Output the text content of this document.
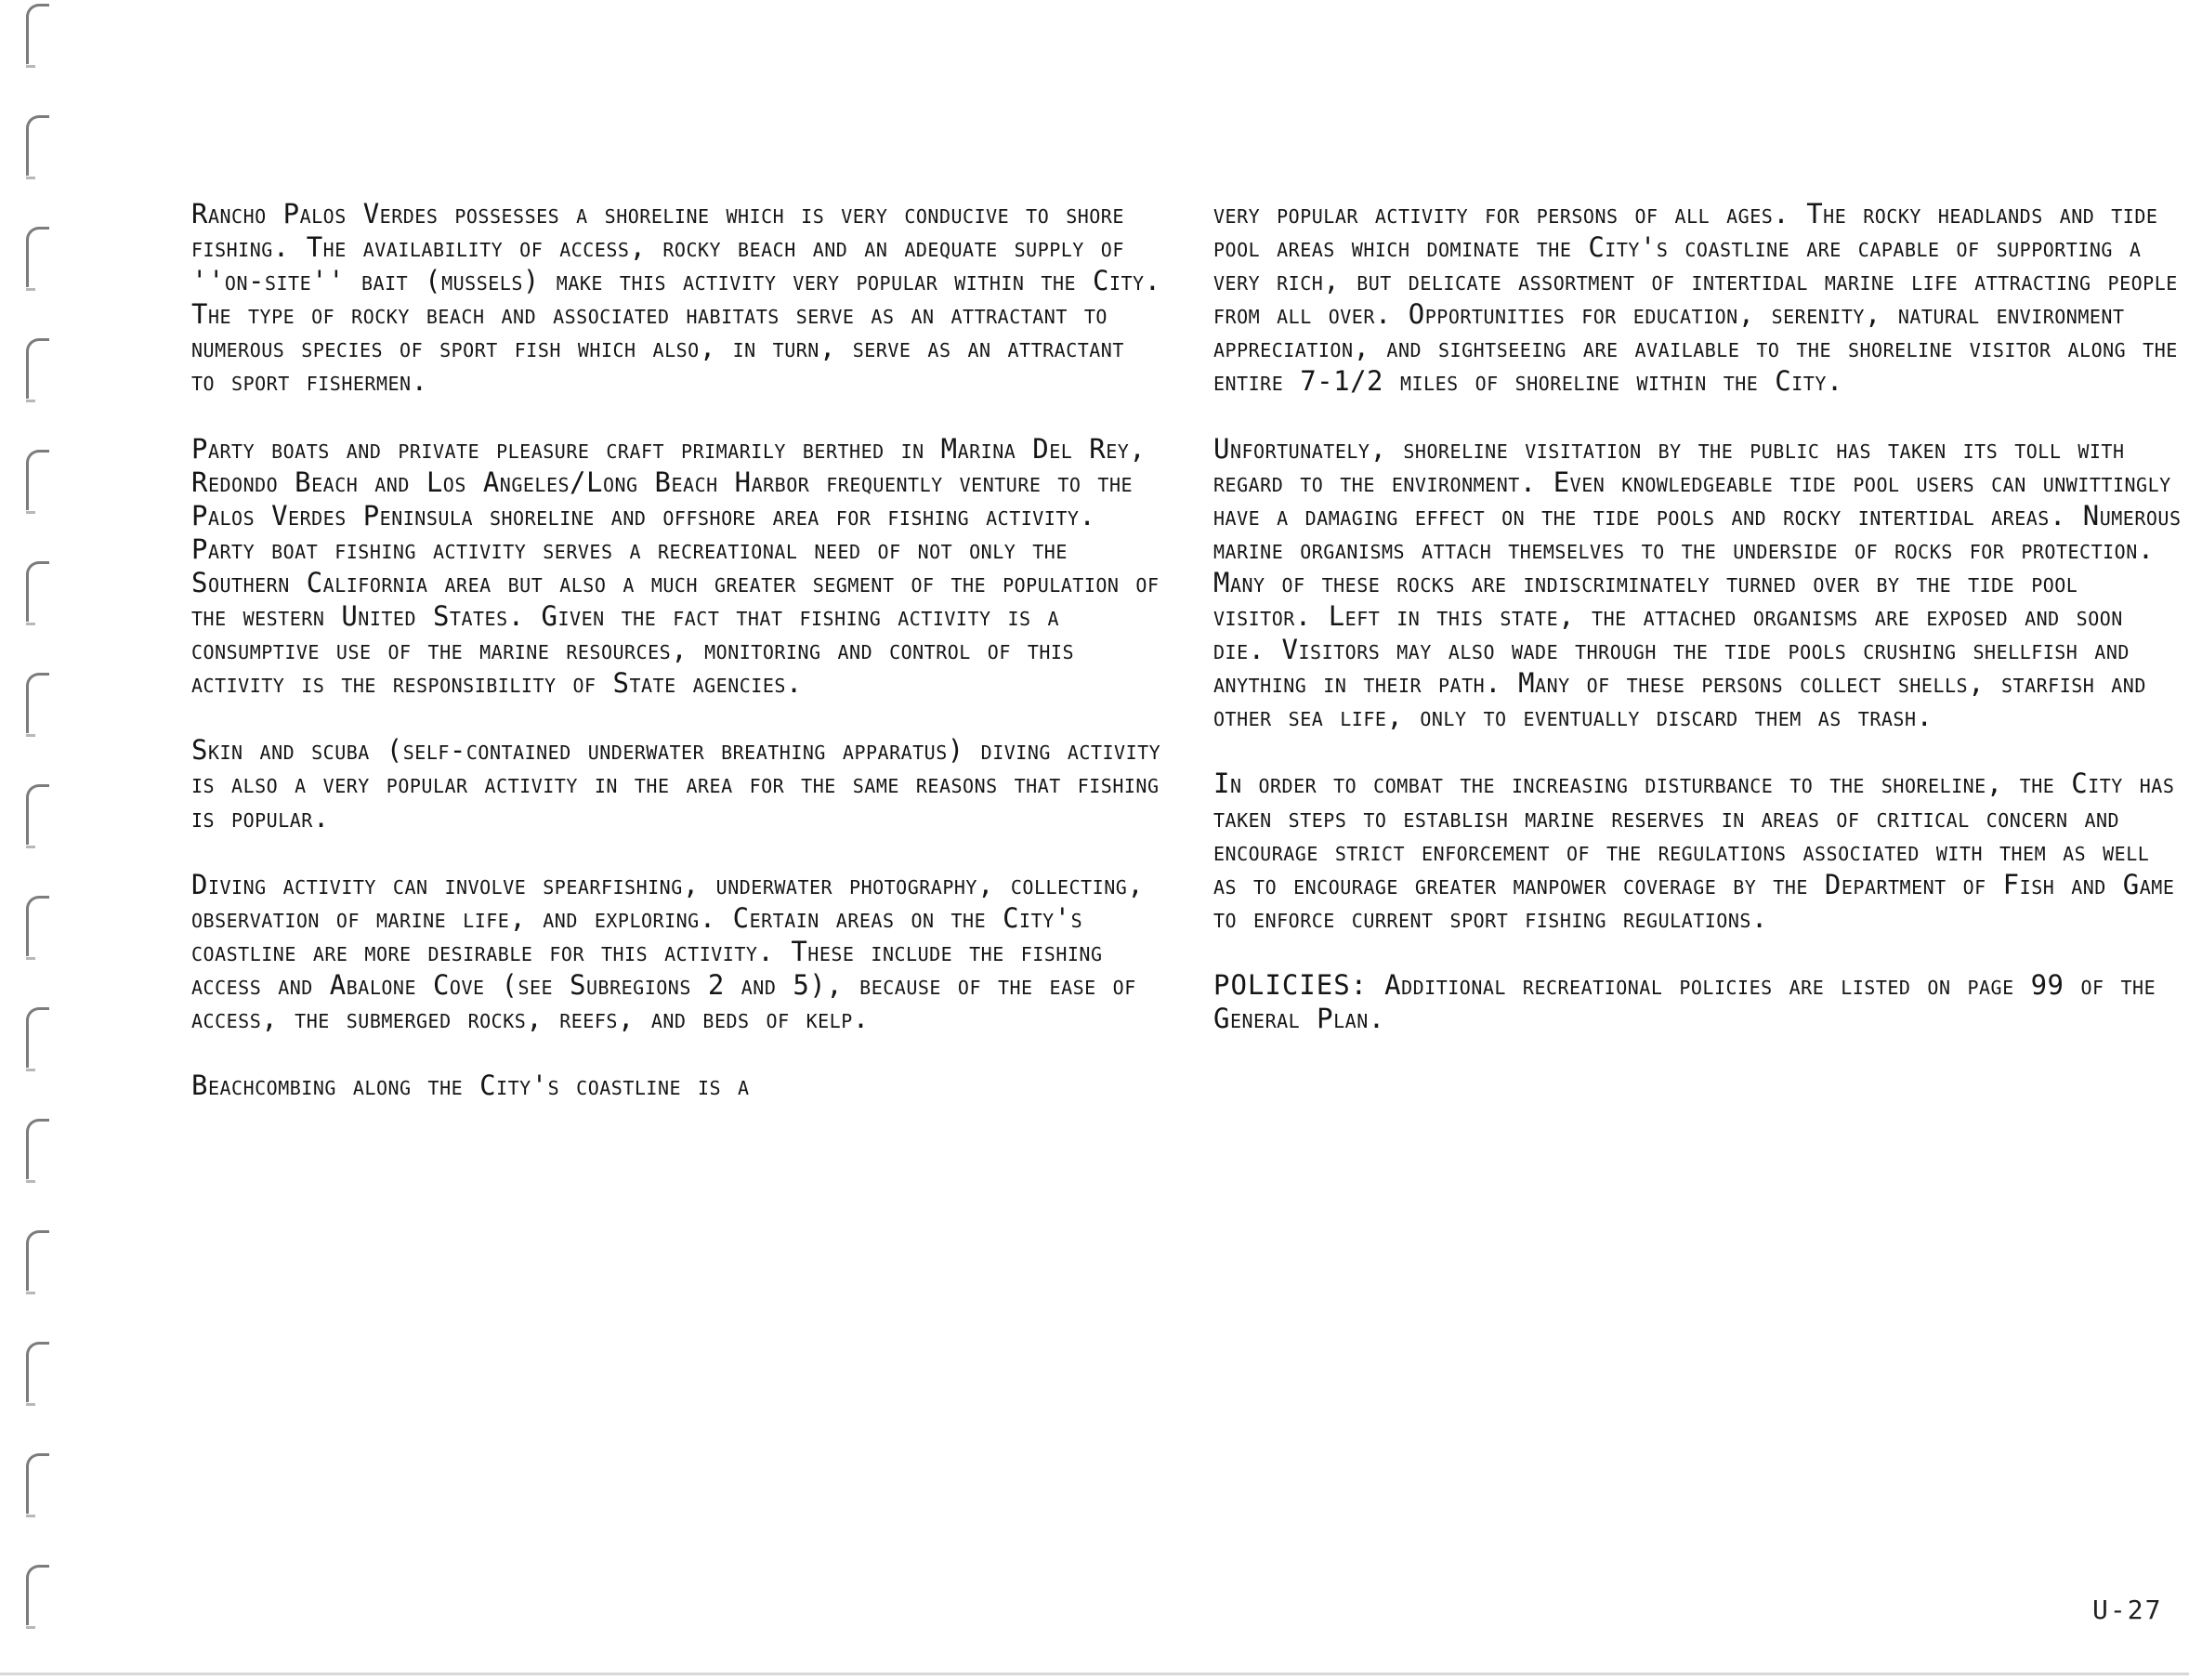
Rancho Palos Verdes possesses a shoreline which is very conducive to shore fishing. The availability of access, rocky beach and an adequate supply of ''on-site'' bait (mussels) make this activity very popular within the City. The type of rocky beach and associated habitats serve as an attractant to numerous species of sport fish which also, in turn, serve as an attractant to sport fishermen.

Party boats and private pleasure craft primarily berthed in Marina Del Rey, Redondo Beach and Los Angeles/Long Beach Harbor frequently venture to the Palos Verdes Peninsula shoreline and offshore area for fishing activity. Party boat fishing activity serves a recreational need of not only the Southern California area but also a much greater segment of the population of the western United States. Given the fact that fishing activity is a consumptive use of the marine resources, monitoring and control of this activity is the responsibility of State agencies.

Skin and scuba (self-contained underwater breathing apparatus) diving activity is also a very popular activity in the area for the same reasons that fishing is popular.

Diving activity can involve spearfishing, underwater photography, collecting, observation of marine life, and exploring. Certain areas on the City's coastline are more desirable for this activity. These include the fishing access and Abalone Cove (see Subregions 2 and 5), because of the ease of access, the submerged rocks, reefs, and beds of kelp.

Beachcombing along the City's coastline is a

very popular activity for persons of all ages. The rocky headlands and tide pool areas which dominate the City's coastline are capable of supporting a very rich, but delicate assortment of intertidal marine life attracting people from all over. Opportunities for education, serenity, natural environment appreciation, and sightseeing are available to the shoreline visitor along the entire 7-1/2 miles of shoreline within the City.

Unfortunately, shoreline visitation by the public has taken its toll with regard to the environment. Even knowledgeable tide pool users can unwittingly have a damaging effect on the tide pools and rocky intertidal areas. Numerous marine organisms attach themselves to the underside of rocks for protection. Many of these rocks are indiscriminately turned over by the tide pool visitor. Left in this state, the attached organisms are exposed and soon die. Visitors may also wade through the tide pools crushing shellfish and anything in their path. Many of these persons collect shells, starfish and other sea life, only to eventually discard them as trash.

In order to combat the increasing disturbance to the shoreline, the City has taken steps to establish marine reserves in areas of critical concern and encourage strict enforcement of the regulations associated with them as well as to encourage greater manpower coverage by the Department of Fish and Game to enforce current sport fishing regulations.

POLICIES: Additional recreational policies are listed on page 99 of the General Plan.

U-27
